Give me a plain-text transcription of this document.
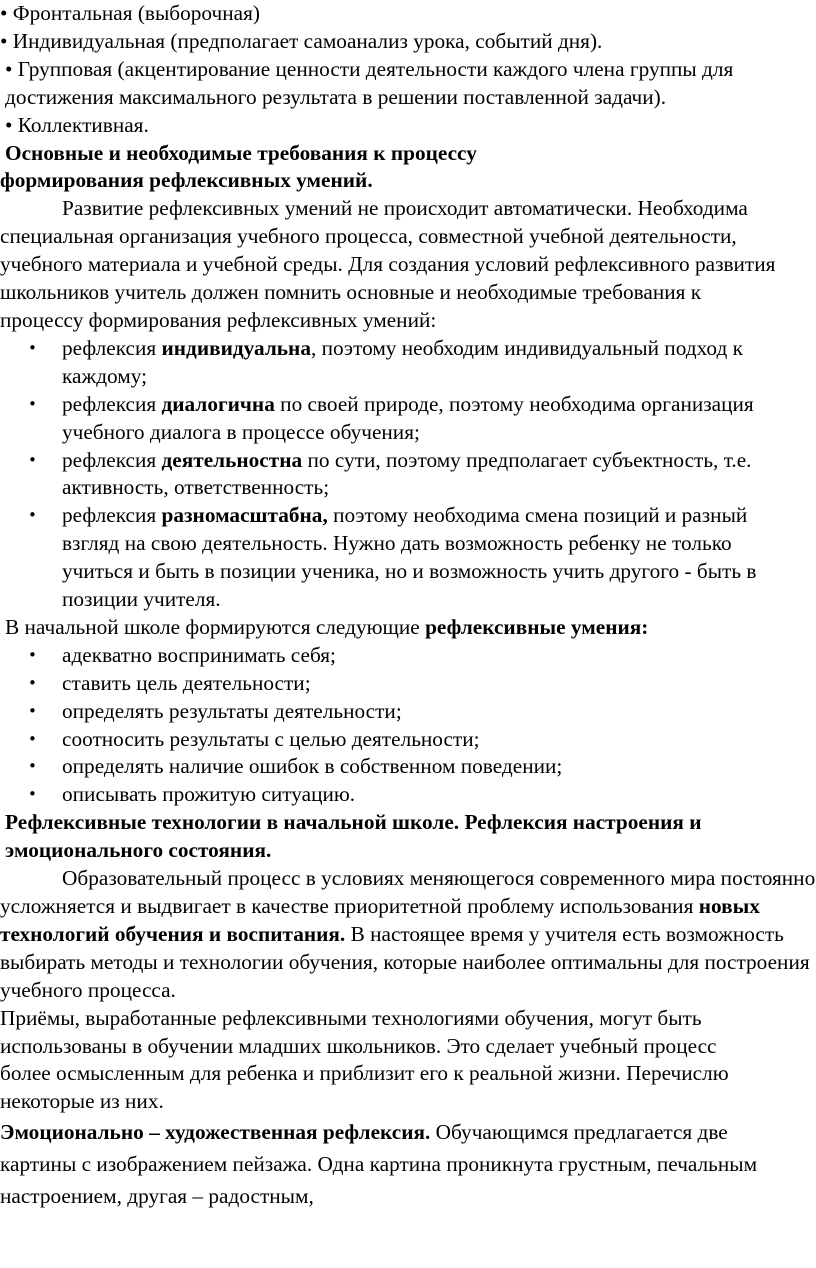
• Фронтальная (выборочная)
• Индивидуальная (предполагает самоанализ урока, событий дня).
• Групповая (акцентирование ценности деятельности каждого члена группы для достижения максимального результата в решении поставленной задачи).
• Коллективная.
Основные и необходимые требования к процессу
формирования рефлексивных умений.

Развитие рефлексивных умений не происходит автоматически. Необходима специальная организация учебного процесса, совместной учебной деятельности, учебного материала и учебной среды. Для создания условий рефлексивного развития школьников учитель должен помнить основные и необходимые требования к процессу формирования рефлексивных умений:

• рефлексия индивидуальна, поэтому необходим индивидуальный подход к каждому;
• рефлексия диалогична по своей природе, поэтому необходима организация учебного диалога в процессе обучения;
• рефлексия деятельностна по сути, поэтому предполагает субъектность, т.е. активность, ответственность;
• рефлексия разномасштабна, поэтому необходима смена позиций и разный взгляд на свою деятельность. Нужно дать возможность ребенку не только учиться и быть в позиции ученика, но и возможность учить другого - быть в позиции учителя.
В начальной школе формируются следующие рефлексивные умения:
• адекватно воспринимать себя;
• ставить цель деятельности;
• определять результаты деятельности;
• соотносить результаты с целью деятельности;
• определять наличие ошибок в собственном поведении;
• описывать прожитую ситуацию.
Рефлексивные технологии в начальной школе. Рефлексия настроения и эмоционального состояния.

Образовательный процесс в условиях меняющегося современного мира постоянно усложняется и выдвигает в качестве приоритетной проблему использования новых технологий обучения и воспитания. В настоящее время у учителя есть возможность выбирать методы и технологии обучения, которые наиболее оптимальны для построения учебного процесса.

Приёмы, выработанные рефлексивными технологиями обучения, могут быть использованы в обучении младших школьников. Это сделает учебный процесс более осмысленным для ребенка и приблизит его к реальной жизни. Перечислю некоторые из них.

Эмоционально – художественная рефлексия. Обучающимся предлагается две картины с изображением пейзажа. Одна картина проникнута грустным, печальным настроением, другая – радостным,
